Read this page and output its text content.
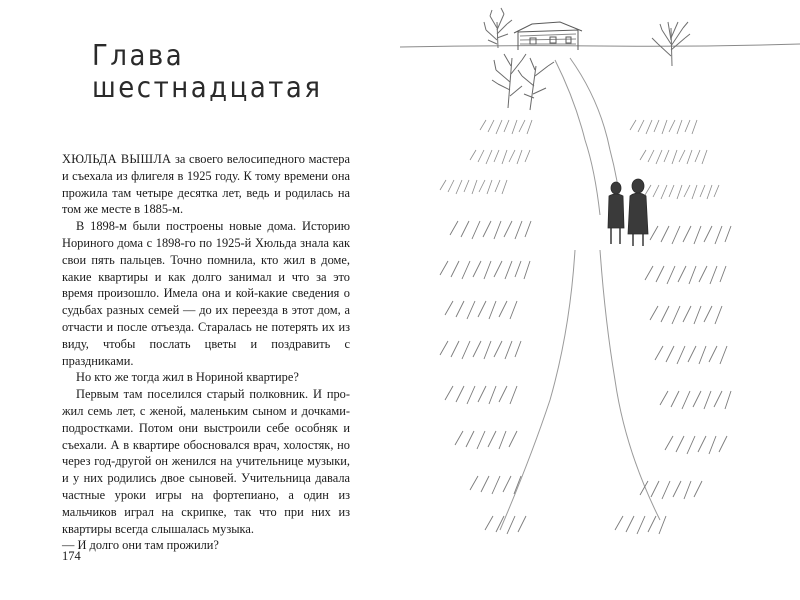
Глава шестнадцатая

ХЮЛЬДА ВЫШЛА за своего велосипедного мастера и съехала из флигеля в 1925 году. К тому времени она прожила там четыре десятка лет, ведь и родилась на том же месте в 1885-м.

В 1898-м были построены новые дома. Историю Нориного дома с 1898-го по 1925-й Хюльда знала как свои пять пальцев. Точно помнила, кто жил в доме, какие квартиры и как долго занимал и что за это время произошло. Имела она и кой-какие сведения о судьбах разных семей — до их переезда в этот дом, а отчасти и после отъезда. Старалась не потерять их из виду, чтобы послать цветы и поздравить с праздниками.

Но кто же тогда жил в Нориной квартире?

Первым там поселился старый полковник. И прожил семь лет, с женой, маленьким сыном и дочками-подростками. Потом они выстроили себе особняк и съехали. А в квартире обосновался врач, холостяк, но через год-другой он женился на учительнице музыки, и у них родились двое сыновей. Учительница давала частные уроки игры на фортепиано, а один из мальчиков играл на скрипке, так что при них из квартиры всегда слышалась музыка.

— И долго они там прожили?

174
